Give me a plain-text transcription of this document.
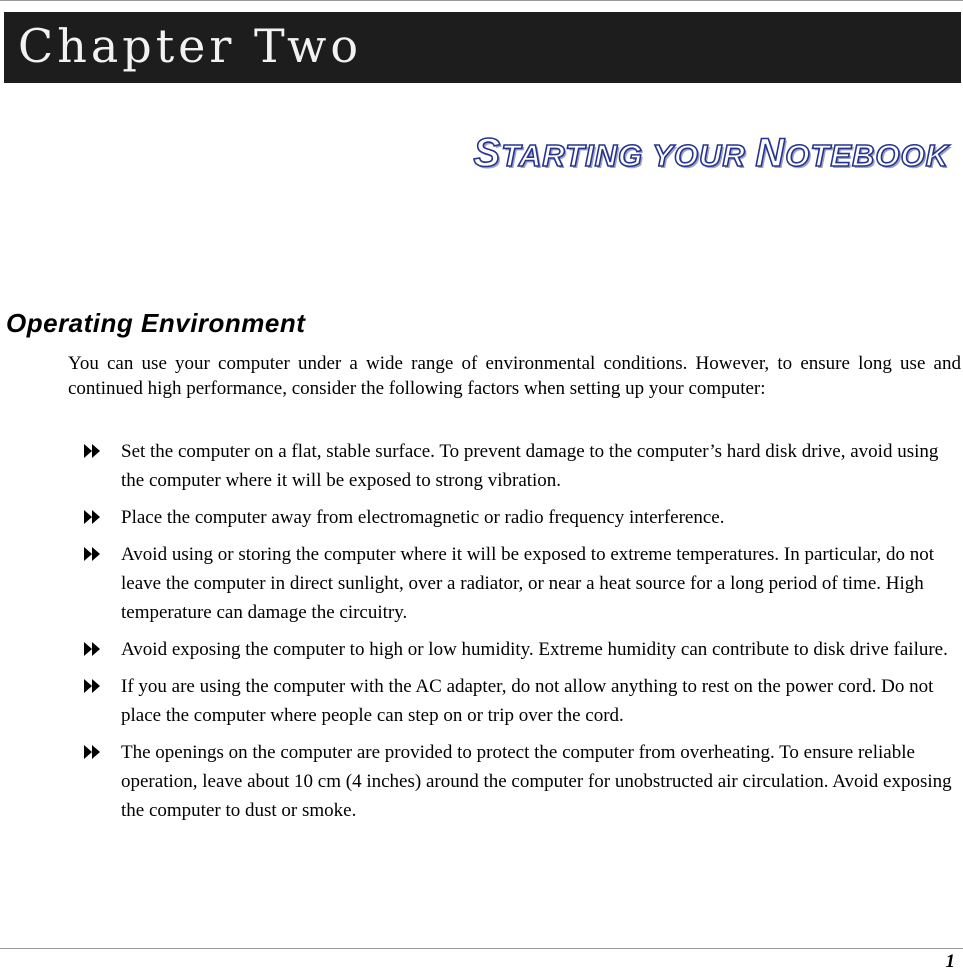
Chapter Two
STARTING YOUR NOTEBOOK
Operating Environment

You can use your computer under a wide range of environmental conditions. However, to ensure long use and continued high performance, consider the following factors when setting up your computer:

Set the computer on a flat, stable surface. To prevent damage to the computer’s hard disk drive, avoid using the computer where it will be exposed to strong vibration.
Place the computer away from electromagnetic or radio frequency interference.
Avoid using or storing the computer where it will be exposed to extreme temperatures. In particular, do not leave the computer in direct sunlight, over a radiator, or near a heat source for a long period of time. High temperature can damage the circuitry.
Avoid exposing the computer to high or low humidity. Extreme humidity can contribute to disk drive failure.
If you are using the computer with the AC adapter, do not allow anything to rest on the power cord. Do not place the computer where people can step on or trip over the cord.
The openings on the computer are provided to protect the computer from overheating. To ensure reliable operation, leave about 10 cm (4 inches) around the computer for unobstructed air circulation. Avoid exposing the computer to dust or smoke.
1
